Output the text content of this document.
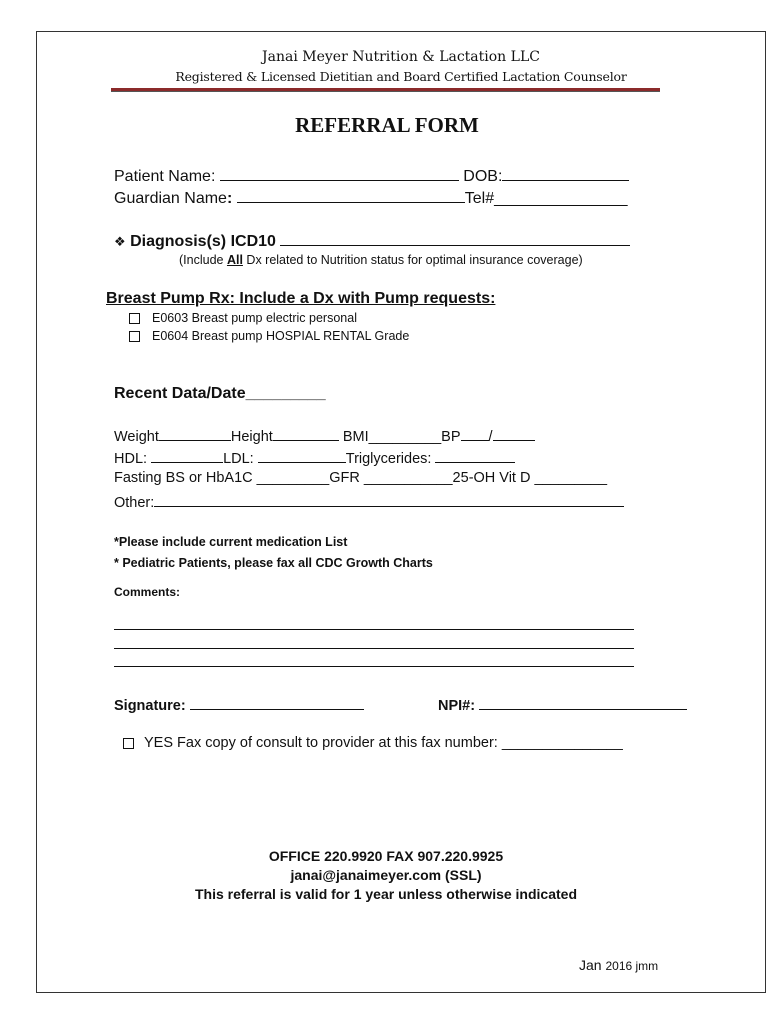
Janai Meyer Nutrition & Lactation LLC
Registered & Licensed Dietitian and Board Certified Lactation Counselor
REFERRAL FORM
Patient Name:	DOB:
Guardian Name:	Tel#_______________
❖ Diagnosis(s) ICD10
(Include All Dx related to Nutrition status for optimal insurance coverage)
Breast Pump Rx: Include a Dx with Pump requests:
E0603 Breast pump electric personal
E0604 Breast pump HOSPIAL RENTAL Grade
Recent Data/Date_________
Weight	Height	BMI_________BP /
HDL:	LDL:	Triglycerides:
Fasting BS or HbA1C _________GFR ___________25-OH Vit D _________
Other:
*Please include current medication List
* Pediatric Patients, please fax all CDC Growth Charts
Comments:
Signature:	NPI#:
YES Fax copy of consult to provider at this fax number: _______________
OFFICE 220.9920 FAX 907.220.9925
janai@janaimeyer.com (SSL)
This referral is valid for 1 year unless otherwise indicated
Jan 2016 jmm
